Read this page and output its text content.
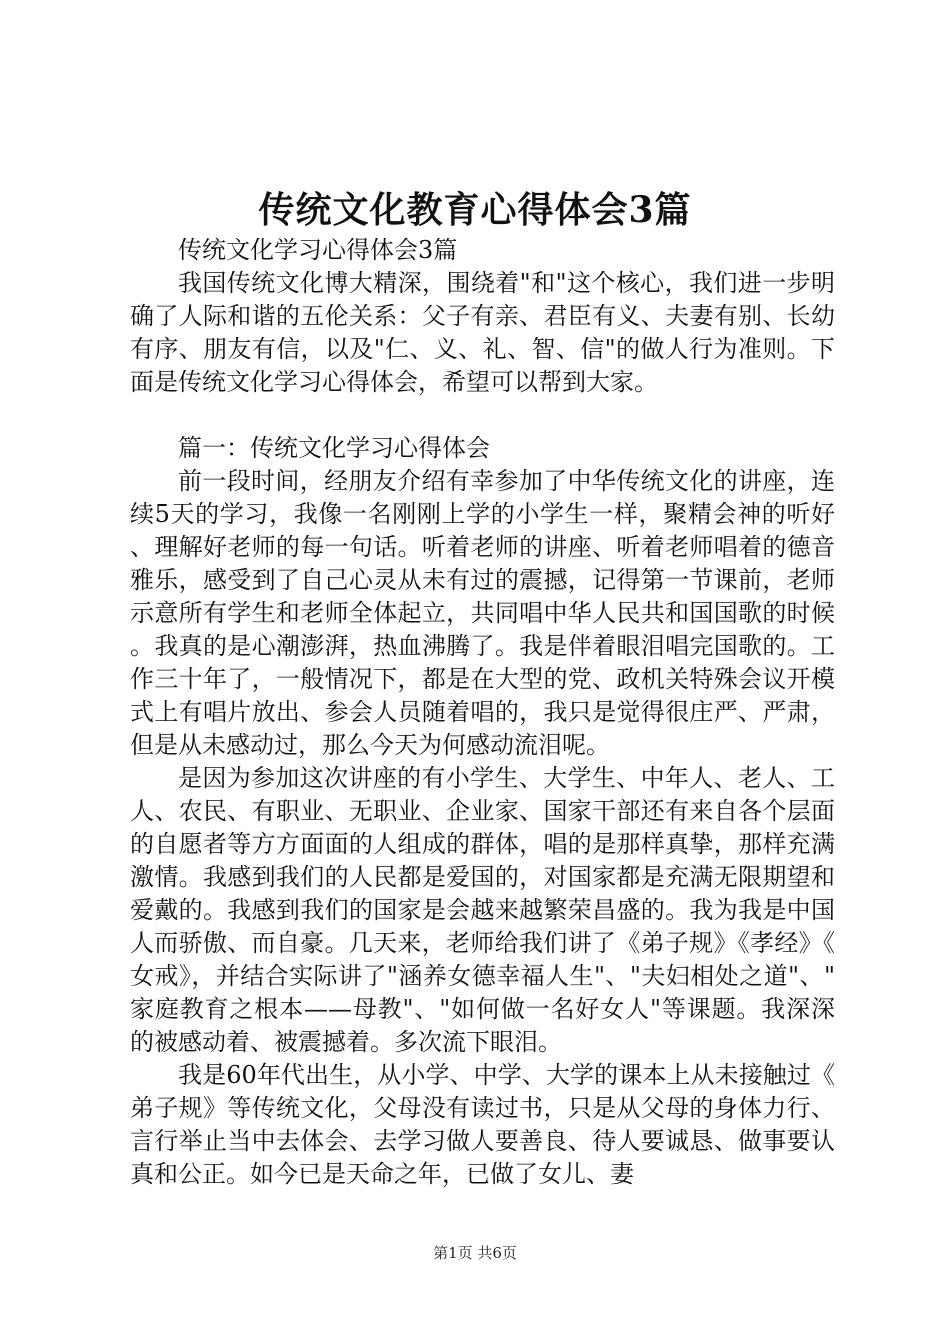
传统文化教育心得体会3篇

传统文化学习心得体会3篇

我国传统文化博大精深，围绕着"和"这个核心，我们进一步明确了人际和谐的五伦关系：父子有亲、君臣有义、夫妻有别、长幼有序、朋友有信，以及"仁、义、礼、智、信"的做人行为准则。下面是传统文化学习心得体会，希望可以帮到大家。

篇一：传统文化学习心得体会

前一段时间，经朋友介绍有幸参加了中华传统文化的讲座，连续5天的学习，我像一名刚刚上学的小学生一样，聚精会神的听好、理解好老师的每一句话。听着老师的讲座、听着老师唱着的德音雅乐，感受到了自己心灵从未有过的震撼，记得第一节课前，老师示意所有学生和老师全体起立，共同唱中华人民共和国国歌的时候。我真的是心潮澎湃，热血沸腾了。我是伴着眼泪唱完国歌的。工作三十年了，一般情况下，都是在大型的党、政机关特殊会议开模式上有唱片放出、参会人员随着唱的，我只是觉得很庄严、严肃，但是从未感动过，那么今天为何感动流泪呢。

是因为参加这次讲座的有小学生、大学生、中年人、老人、工人、农民、有职业、无职业、企业家、国家干部还有来自各个层面的自愿者等方方面面的人组成的群体，唱的是那样真挚，那样充满激情。我感到我们的人民都是爱国的，对国家都是充满无限期望和爱戴的。我感到我们的国家是会越来越繁荣昌盛的。我为我是中国人而骄傲、而自豪。几天来，老师给我们讲了《弟子规》《孝经》《女戒》，并结合实际讲了"涵养女德幸福人生"、"夫妇相处之道"、"家庭教育之根本——母教"、"如何做一名好女人"等课题。我深深的被感动着、被震撼着。多次流下眼泪。

我是60年代出生，从小学、中学、大学的课本上从未接触过《弟子规》等传统文化，父母没有读过书，只是从父母的身体力行、言行举止当中去体会、去学习做人要善良、待人要诚恳、做事要认真和公正。如今已是天命之年，已做了女儿、妻

第1页 共6页
